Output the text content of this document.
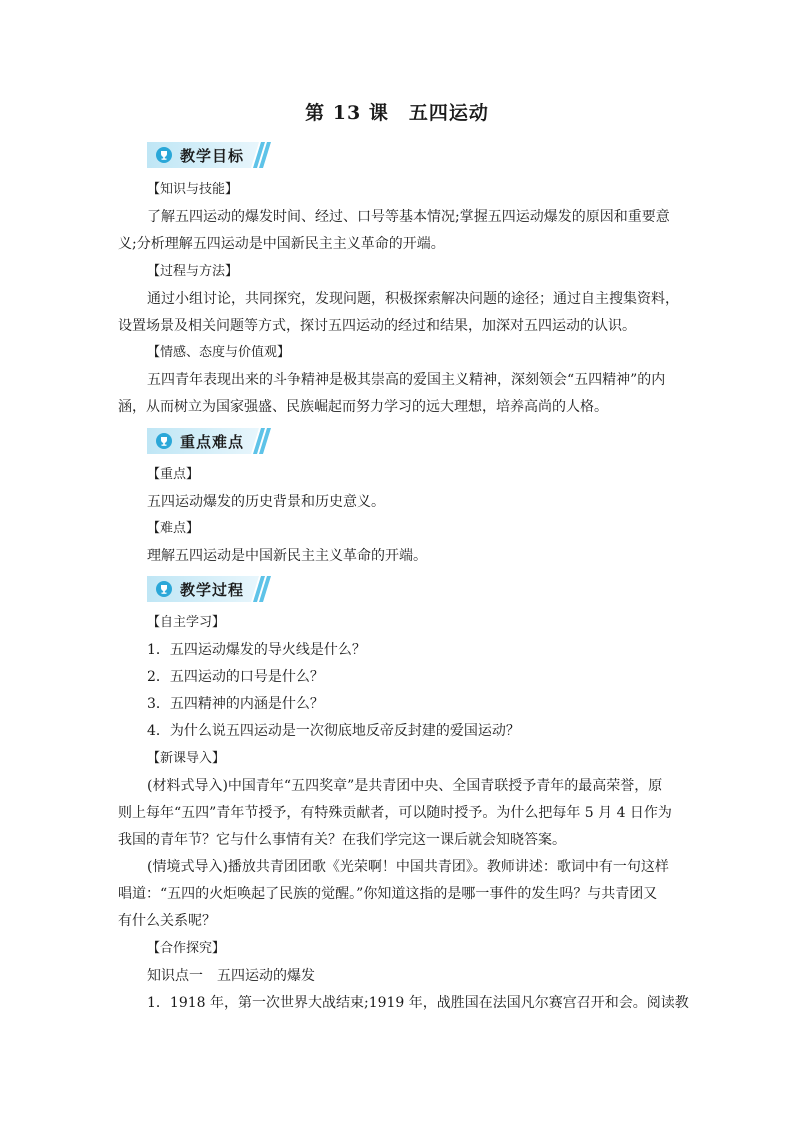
第 13 课 五四运动
教学目标
【知识与技能】
了解五四运动的爆发时间、经过、口号等基本情况;掌握五四运动爆发的原因和重要意
义;分析理解五四运动是中国新民主主义革命的开端。
【过程与方法】
通过小组讨论，共同探究，发现问题，积极探索解决问题的途径；通过自主搜集资料，
设置场景及相关问题等方式，探讨五四运动的经过和结果，加深对五四运动的认识。
【情感、态度与价值观】
五四青年表现出来的斗争精神是极其崇高的爱国主义精神，深刻领会“五四精神”的内
涵，从而树立为国家强盛、民族崛起而努力学习的远大理想，培养高尚的人格。
重点难点
【重点】
五四运动爆发的历史背景和历史意义。
【难点】
理解五四运动是中国新民主主义革命的开端。
教学过程
【自主学习】
1．五四运动爆发的导火线是什么？
2．五四运动的口号是什么？
3．五四精神的内涵是什么？
4．为什么说五四运动是一次彻底地反帝反封建的爱国运动？
【新课导入】
(材料式导入)中国青年“五四奖章”是共青团中央、全国青联授予青年的最高荣誉，原
则上每年“五四”青年节授予，有特殊贡献者，可以随时授予。为什么把每年 5 月 4 日作为
我国的青年节？它与什么事情有关？在我们学完这一课后就会知晓答案。
(情境式导入)播放共青团团歌《光荣啊！中国共青团》。教师讲述：歌词中有一句这样
唱道：“五四的火炬唤起了民族的觉醒。”你知道这指的是哪一事件的发生吗？与共青团又
有什么关系呢？
【合作探究】
知识点一　五四运动的爆发
1．1918 年，第一次世界大战结束;1919 年，战胜国在法国凡尔赛宫召开和会。阅读教
